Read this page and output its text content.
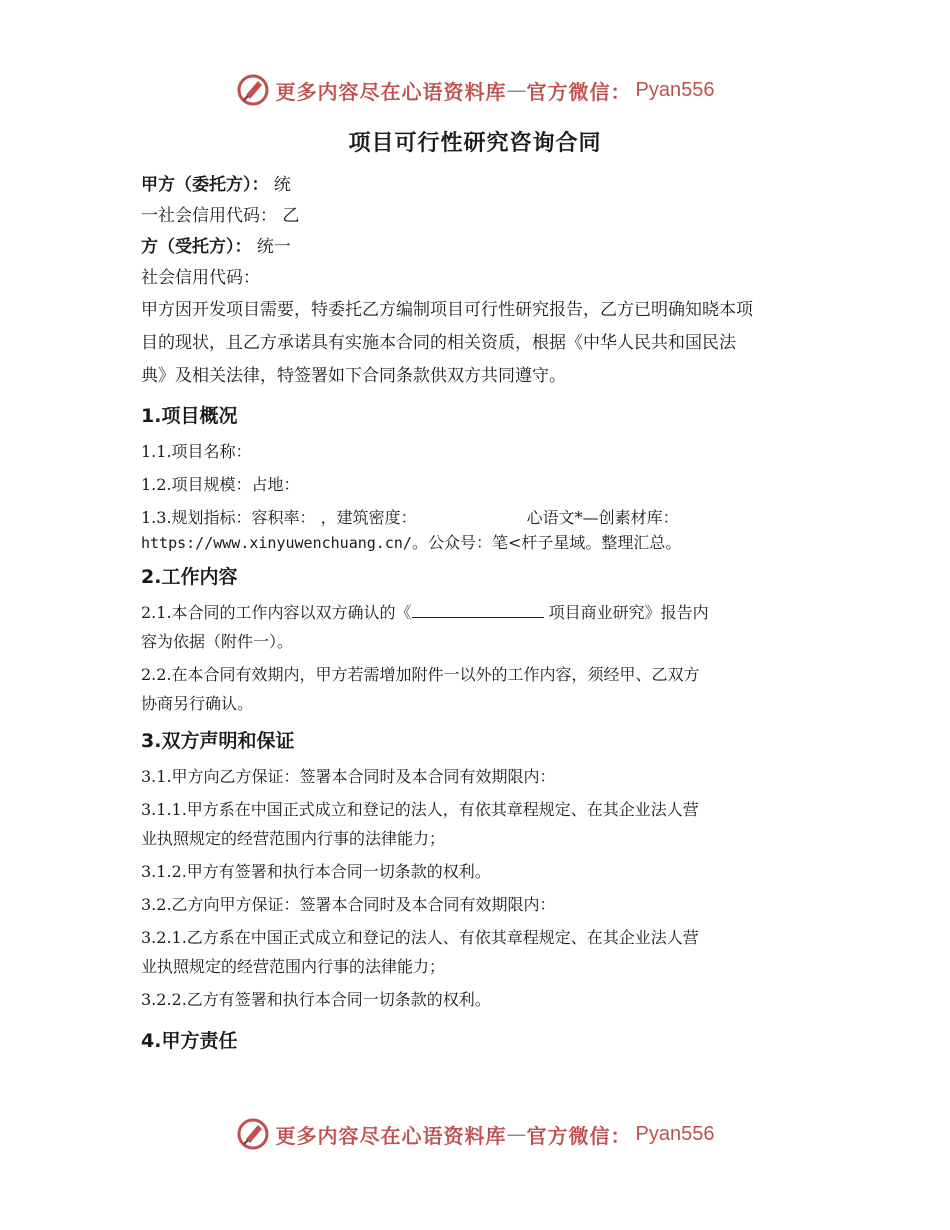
更多内容尽在心语资料库 — 官方微信： Pyan556
项目可行性研究咨询合同
甲方（委托方）： 统
一社会信用代码： 乙
方（受托方）： 统一
社会信用代码：
甲方因开发项目需要，特委托乙方编制项目可行性研究报告，乙方已明确知晓本项
目的现状，且乙方承诺具有实施本合同的相关资质，根据《中华人民共和国民法
典》及相关法律，特签署如下合同条款供双方共同遵守。
1.项目概况
1.1.项目名称：
1.2.项目规模：占地：
1.3.规划指标：容积率： ，建筑密度：	心语文*—创素材库：
https://www.xinyuwenchuang.cn/。公众号：笔<杆子星域。整理汇总。
2.工作内容
2.1.本合同的工作内容以双方确认的《	项目商业研究》报告内
容为依据（附件一）。
2.2.在本合同有效期内，甲方若需增加附件一以外的工作内容，须经甲、乙双方
协商另行确认。
3.双方声明和保证
3.1.甲方向乙方保证：签署本合同时及本合同有效期限内：
3.1.1.甲方系在中国正式成立和登记的法人，有依其章程规定、在其企业法人营
业执照规定的经营范围内行事的法律能力；
3.1.2.甲方有签署和执行本合同一切条款的权利。
3.2.乙方向甲方保证：签署本合同时及本合同有效期限内：
3.2.1.乙方系在中国正式成立和登记的法人、有依其章程规定、在其企业法人营
业执照规定的经营范围内行事的法律能力；
3.2.2.乙方有签署和执行本合同一切条款的权利。
4.甲方责任
更多内容尽在心语资料库 — 官方微信： Pyan556
